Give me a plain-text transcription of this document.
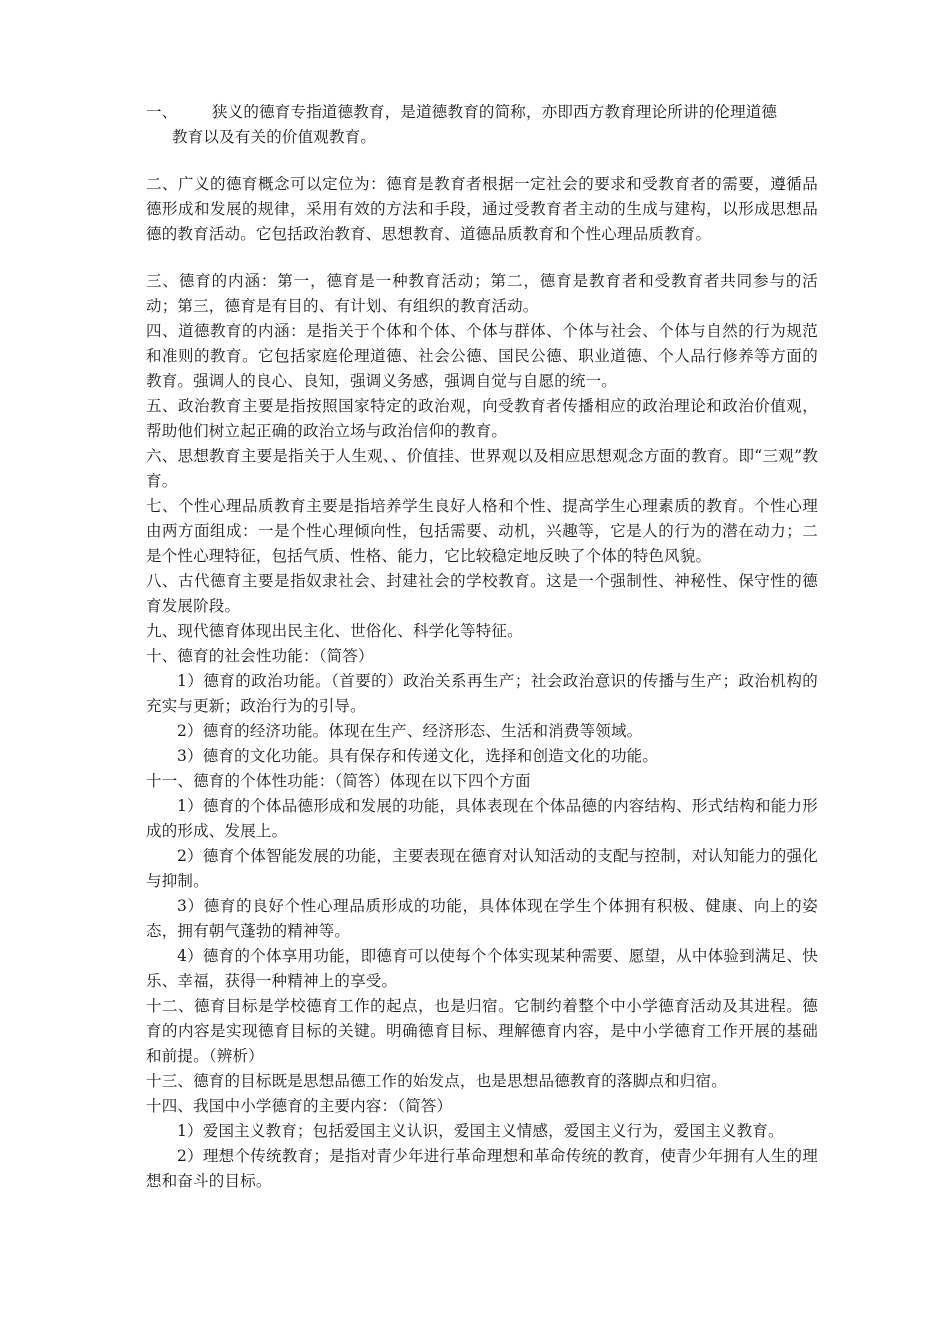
一、	狭义的德育专指道德教育，是道德教育的简称，亦即西方教育理论所讲的伦理道德
教育以及有关的价值观教育。

二、广义的德育概念可以定位为：德育是教育者根据一定社会的要求和受教育者的需要，遵循品德形成和发展的规律，采用有效的方法和手段，通过受教育者主动的生成与建构，以形成思想品德的教育活动。它包括政治教育、思想教育、道德品质教育和个性心理品质教育。

三、德育的内涵：第一，德育是一种教育活动；第二，德育是教育者和受教育者共同参与的活动；第三，德育是有目的、有计划、有组织的教育活动。

四、道德教育的内涵：是指关于个体和个体、个体与群体、个体与社会、个体与自然的行为规范和准则的教育。它包括家庭伦理道德、社会公德、国民公德、职业道德、个人品行修养等方面的教育。强调人的良心、良知，强调义务感，强调自觉与自愿的统一。

五、政治教育主要是指按照国家特定的政治观，向受教育者传播相应的政治理论和政治价值观，帮助他们树立起正确的政治立场与政治信仰的教育。

六、思想教育主要是指关于人生观、、价值挂、世界观以及相应思想观念方面的教育。即“三观”教育。

七、个性心理品质教育主要是指培养学生良好人格和个性、提高学生心理素质的教育。个性心理由两方面组成：一是个性心理倾向性，包括需要、动机，兴趣等，它是人的行为的潜在动力；二是个性心理特征，包括气质、性格、能力，它比较稳定地反映了个体的特色风貌。

八、古代德育主要是指奴隶社会、封建社会的学校教育。这是一个强制性、神秘性、保守性的德育发展阶段。

九、现代德育体现出民主化、世俗化、科学化等特征。

十、德育的社会性功能：（简答）

1）德育的政治功能。（首要的）政治关系再生产；社会政治意识的传播与生产；政治机构的充实与更新；政治行为的引导。

2）德育的经济功能。体现在生产、经济形态、生活和消费等领域。

3）德育的文化功能。具有保存和传递文化，选择和创造文化的功能。

十一、德育的个体性功能：（简答）体现在以下四个方面

1）德育的个体品德形成和发展的功能，具体表现在个体品德的内容结构、形式结构和能力形成的形成、发展上。

2）德育个体智能发展的功能，主要表现在德育对认知活动的支配与控制，对认知能力的强化与抑制。

3）德育的良好个性心理品质形成的功能，具体体现在学生个体拥有积极、健康、向上的姿态，拥有朝气蓬勃的精神等。

4）德育的个体享用功能，即德育可以使每个个体实现某种需要、愿望，从中体验到满足、快乐、幸福，获得一种精神上的享受。

十二、德育目标是学校德育工作的起点，也是归宿。它制约着整个中小学德育活动及其进程。德育的内容是实现德育目标的关键。明确德育目标、理解德育内容，是中小学德育工作开展的基础和前提。（辨析）

十三、德育的目标既是思想品德工作的始发点，也是思想品德教育的落脚点和归宿。

十四、我国中小学德育的主要内容：（简答）

1）爱国主义教育；包括爱国主义认识，爱国主义情感，爱国主义行为，爱国主义教育。

2）理想个传统教育；是指对青少年进行革命理想和革命传统的教育，使青少年拥有人生的理想和奋斗的目标。
